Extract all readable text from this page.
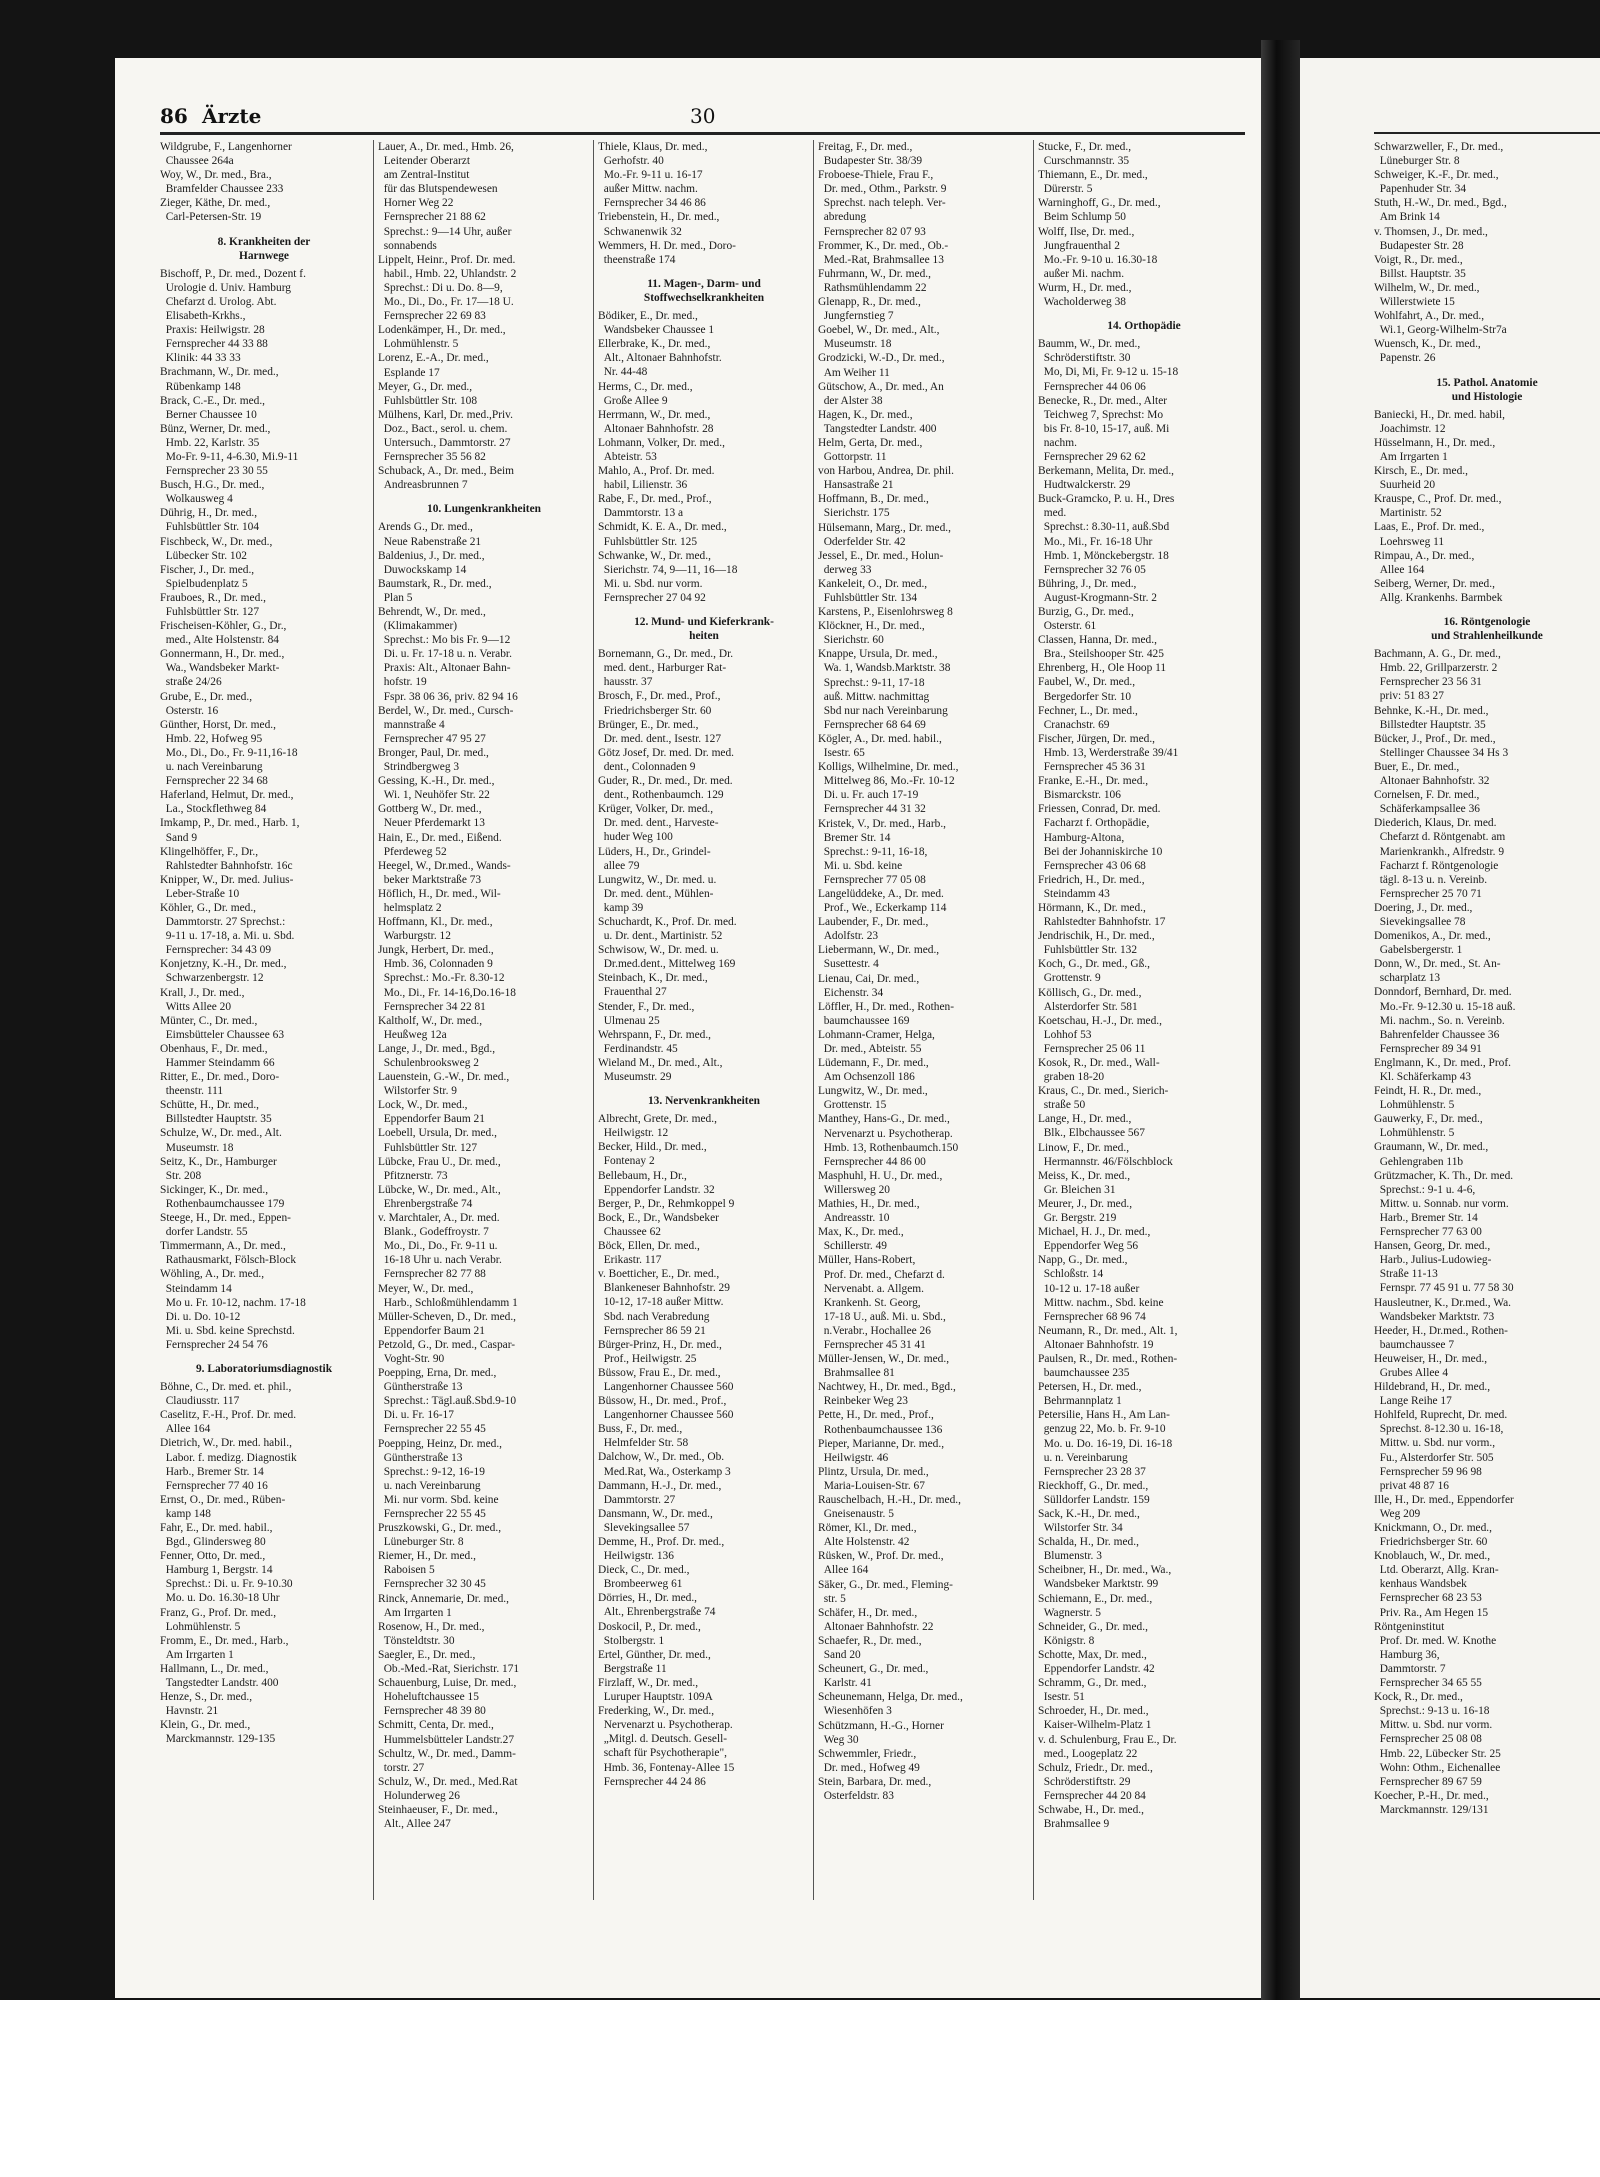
86 Ärzte	30

Wildgrube, F., Langenhorner
Chaussee 264a

Woy, W., Dr. med., Bra.,
Bramfelder Chaussee 233

Zieger, Käthe, Dr. med.,
Carl-Petersen-Str. 19

8. Krankheiten der
Harnwege

Bischoff, P., Dr. med., Dozent f.
Urologie d. Univ. Hamburg
Chefarzt d. Urolog. Abt.
Elisabeth-Krkhs.,
Praxis: Heilwigstr. 28
Fernsprecher 44 33 88
Klinik: 44 33 33

Brachmann, W., Dr. med.,
Rübenkamp 148

Brack, C.-E., Dr. med.,
Berner Chaussee 10

Bünz, Werner, Dr. med.,
Hmb. 22, Karlstr. 35
Mo-Fr. 9-11, 4-6.30, Mi.9-11
Fernsprecher 23 30 55

Busch, H.G., Dr. med.,
Wolkausweg 4

Dührig, H., Dr. med.,
Fuhlsbüttler Str. 104

Fischbeck, W., Dr. med.,
Lübecker Str. 102

Fischer, J., Dr. med.,
Spielbudenplatz 5

Frauboes, R., Dr. med.,
Fuhlsbüttler Str. 127

Frischeisen-Köhler, G., Dr.,
med., Alte Holstenstr. 84

Gonnermann, H., Dr. med.,
Wa., Wandsbeker Markt-
straße 24/26

Grube, E., Dr. med.,
Osterstr. 16

Günther, Horst, Dr. med.,
Hmb. 22, Hofweg 95
Mo., Di., Do., Fr. 9-11,16-18
u. nach Vereinbarung
Fernsprecher 22 34 68

Haferland, Helmut, Dr. med.,
La., Stockflethweg 84

Imkamp, P., Dr. med., Harb. 1,
Sand 9

Klingelhöffer, F., Dr.,
Rahlstedter Bahnhofstr. 16c

Knipper, W., Dr. med. Julius-
Leber-Straße 10

Köhler, G., Dr. med.,
Dammtorstr. 27 Sprechst.:
9-11 u. 17-18, a. Mi. u. Sbd.
Fernsprecher: 34 43 09

Konjetzny, K.-H., Dr. med.,
Schwarzenbergstr. 12

Krall, J., Dr. med.,
Witts Allee 20

Münter, C., Dr. med.,
Eimsbütteler Chaussee 63

Obenhaus, F., Dr. med.,
Hammer Steindamm 66

Ritter, E., Dr. med., Doro-
theenstr. 111

Schütte, H., Dr. med.,
Billstedter Hauptstr. 35

Schulze, W., Dr. med., Alt.
Museumstr. 18

Seitz, K., Dr., Hamburger
Str. 208

Sickinger, K., Dr. med.,
Rothenbaumchaussee 179

Steege, H., Dr. med., Eppen-
dorfer Landstr. 55

Timmermann, A., Dr. med.,
Rathausmarkt, Fölsch-Block

Wöhling, A., Dr. med.,
Steindamm 14
Mo u. Fr. 10-12, nachm. 17-18
Di. u. Do. 10-12
Mi. u. Sbd. keine Sprechstd.
Fernsprecher 24 54 76

9. Laboratoriumsdiagnostik

Böhne, C., Dr. med. et. phil.,
Claudiusstr. 117

Caselitz, F.-H., Prof. Dr. med.
Allee 164

Dietrich, W., Dr. med. habil.,
Labor. f. medizg. Diagnostik
Harb., Bremer Str. 14
Fernsprecher 77 40 16

Ernst, O., Dr. med., Rüben-
kamp 148

Fahr, E., Dr. med. habil.,
Bgd., Glindersweg 80

Fenner, Otto, Dr. med.,
Hamburg 1, Bergstr. 14
Sprechst.: Di. u. Fr. 9-10.30
Mo. u. Do. 16.30-18 Uhr

Franz, G., Prof. Dr. med.,
Lohmühlenstr. 5

Fromm, E., Dr. med., Harb.,
Am Irrgarten 1

Hallmann, L., Dr. med.,
Tangstedter Landstr. 400

Henze, S., Dr. med.,
Havnstr. 21

Klein, G., Dr. med.,
Marckmannstr. 129-135

Lauer, A., Dr. med., Hmb. 26,
Leitender Oberarzt
am Zentral-Institut
für das Blutspendewesen
Horner Weg 22
Fernsprecher 21 88 62
Sprechst.: 9—14 Uhr, außer
sonnabends

Lippelt, Heinr., Prof. Dr. med.
habil., Hmb. 22, Uhlandstr. 2
Sprechst.: Di u. Do. 8—9,
Mo., Di., Do., Fr. 17—18 U.
Fernsprecher 22 69 83

Lodenkämper, H., Dr. med.,
Lohmühlenstr. 5

Lorenz, E.-A., Dr. med.,
Esplande 17

Meyer, G., Dr. med.,
Fuhlsbüttler Str. 108

Mülhens, Karl, Dr. med.,Priv.
Doz., Bact., serol. u. chem.
Untersuch., Dammtorstr. 27
Fernsprecher 35 56 82

Schuback, A., Dr. med., Beim
Andreasbrunnen 7

10. Lungenkrankheiten

Arends G., Dr. med.,
Neue Rabenstraße 21

Baldenius, J., Dr. med.,
Duwockskamp 14

Baumstark, R., Dr. med.,
Plan 5

Behrendt, W., Dr. med.,
(Klimakammer)
Sprechst.: Mo bis Fr. 9—12
Di. u. Fr. 17-18 u. n. Verabr.
Praxis: Alt., Altonaer Bahn-
hofstr. 19
Fspr. 38 06 36, priv. 82 94 16

Berdel, W., Dr. med., Cursch-
mannstraße 4
Fernsprecher 47 95 27

Bronger, Paul, Dr. med.,
Strindbergweg 3

Gessing, K.-H., Dr. med.,
Wi. 1, Neuhöfer Str. 22

Gottberg W., Dr. med.,
Neuer Pferdemarkt 13

Hain, E., Dr. med., Eißend.
Pferdeweg 52

Heegel, W., Dr.med., Wands-
beker Marktstraße 73

Höflich, H., Dr. med., Wil-
helmsplatz 2

Hoffmann, Kl., Dr. med.,
Warburgstr. 12

Jungk, Herbert, Dr. med.,
Hmb. 36, Colonnaden 9
Sprechst.: Mo.-Fr. 8.30-12
Mo., Di., Fr. 14-16,Do.16-18
Fernsprecher 34 22 81

Kaltholf, W., Dr. med.,
Heußweg 12a

Lange, J., Dr. med., Bgd.,
Schulenbrooksweg 2

Lauenstein, G.-W., Dr. med.,
Wilstorfer Str. 9

Lock, W., Dr. med.,
Eppendorfer Baum 21

Loebell, Ursula, Dr. med.,
Fuhlsbüttler Str. 127

Lübcke, Frau U., Dr. med.,
Pfitznerstr. 73

Lübcke, W., Dr. med., Alt.,
Ehrenbergstraße 74

v. Marchtaler, A., Dr. med.
Blank., Godeffroystr. 7
Mo., Di., Do., Fr. 9-11 u.
16-18 Uhr u. nach Verabr.
Fernsprecher 82 77 88

Meyer, W., Dr. med.,
Harb., Schloßmühlendamm 1

Müller-Scheven, D., Dr. med.,
Eppendorfer Baum 21

Petzold, G., Dr. med., Caspar-
Voght-Str. 90

Poepping, Erna, Dr. med.,
Güntherstraße 13
Sprechst.: Tägl.auß.Sbd.9-10
Di. u. Fr. 16-17
Fernsprecher 22 55 45

Poepping, Heinz, Dr. med.,
Güntherstraße 13
Sprechst.: 9-12, 16-19
u. nach Vereinbarung
Mi. nur vorm. Sbd. keine
Fernsprecher 22 55 45

Pruszkowski, G., Dr. med.,
Lüneburger Str. 8

Riemer, H., Dr. med.,
Raboisen 5
Fernsprecher 32 30 45

Rinck, Annemarie, Dr. med.,
Am Irrgarten 1

Rosenow, H., Dr. med.,
Tönsteldtstr. 30

Saegler, E., Dr. med.,
Ob.-Med.-Rat, Sierichstr. 171

Schauenburg, Luise, Dr. med.,
Hoheluftchaussee 15
Fernsprecher 48 39 80

Schmitt, Centa, Dr. med.,
Hummelsbütteler Landstr.27

Schultz, W., Dr. med., Damm-
torstr. 27

Schulz, W., Dr. med., Med.Rat
Holunderweg 26

Steinhaeuser, F., Dr. med.,
Alt., Allee 247

Thiele, Klaus, Dr. med.,
Gerhofstr. 40
Mo.-Fr. 9-11 u. 16-17
außer Mittw. nachm.
Fernsprecher 34 46 86

Triebenstein, H., Dr. med.,
Schwanenwik 32

Wemmers, H. Dr. med., Doro-
theenstraße 174

11. Magen-, Darm- und
Stoffwechselkrankheiten

Bödiker, E., Dr. med.,
Wandsbeker Chaussee 1

Ellerbrake, K., Dr. med.,
Alt., Altonaer Bahnhofstr.
Nr. 44-48

Herms, C., Dr. med.,
Große Allee 9

Herrmann, W., Dr. med.,
Altonaer Bahnhofstr. 28

Lohmann, Volker, Dr. med.,
Abteistr. 53

Mahlo, A., Prof. Dr. med.
habil, Lilienstr. 36

Rabe, F., Dr. med., Prof.,
Dammtorstr. 13 a

Schmidt, K. E. A., Dr. med.,
Fuhlsbüttler Str. 125

Schwanke, W., Dr. med.,
Sierichstr. 74, 9—11, 16—18
Mi. u. Sbd. nur vorm.
Fernsprecher 27 04 92

12. Mund- und Kieferkrank-
heiten

Bornemann, G., Dr. med., Dr.
med. dent., Harburger Rat-
hausstr. 37

Brosch, F., Dr. med., Prof.,
Friedrichsberger Str. 60

Brünger, E., Dr. med.,
Dr. med. dent., Isestr. 127

Götz Josef, Dr. med. Dr. med.
dent., Colonnaden 9

Guder, R., Dr. med., Dr. med.
dent., Rothenbaumch. 129

Krüger, Volker, Dr. med.,
Dr. med. dent., Harveste-
huder Weg 100

Lüders, H., Dr., Grindel-
allee 79

Lungwitz, W., Dr. med. u.
Dr. med. dent., Mühlen-
kamp 39

Schuchardt, K., Prof. Dr. med.
u. Dr. dent., Martinistr. 52

Schwisow, W., Dr. med. u.
Dr.med.dent., Mittelweg 169

Steinbach, K., Dr. med.,
Frauenthal 27

Stender, F., Dr. med.,
Ulmenau 25

Wehrspann, F., Dr. med.,
Ferdinandstr. 45

Wieland M., Dr. med., Alt.,
Museumstr. 29

13. Nervenkrankheiten

Albrecht, Grete, Dr. med.,
Heilwigstr. 12

Becker, Hild., Dr. med.,
Fontenay 2

Bellebaum, H., Dr.,
Eppendorfer Landstr. 32

Berger, P., Dr., Rehmkoppel 9

Bock, E., Dr., Wandsbeker
Chaussee 62

Böck, Ellen, Dr. med.,
Erikastr. 117

v. Boetticher, E., Dr. med.,
Blankeneser Bahnhofstr. 29
10-12, 17-18 außer Mittw.
Sbd. nach Verabredung
Fernsprecher 86 59 21

Bürger-Prinz, H., Dr. med.,
Prof., Heilwigstr. 25

Büssow, Frau E., Dr. med.,
Langenhorner Chaussee 560

Büssow, H., Dr. med., Prof.,
Langenhorner Chaussee 560

Buss, F., Dr. med.,
Helmfelder Str. 58

Dalchow, W., Dr. med., Ob.
Med.Rat, Wa., Osterkamp 3

Dammann, H.-J., Dr. med.,
Dammtorstr. 27

Dansmann, W., Dr. med.,
Slevekingsallee 57

Demme, H., Prof. Dr. med.,
Heilwigstr. 136

Dieck, C., Dr. med.,
Brombeerweg 61

Dörries, H., Dr. med.,
Alt., Ehrenbergstraße 74

Doskocil, P., Dr. med.,
Stolbergstr. 1

Ertel, Günther, Dr. med.,
Bergstraße 11

Firzlaff, W., Dr. med.,
Luruper Hauptstr. 109A

Frederking, W., Dr. med.,
Nervenarzt u. Psychotherap.
„Mitgl. d. Deutsch. Gesell-
schaft für Psychotherapie",
Hmb. 36, Fontenay-Allee 15
Fernsprecher 44 24 86

Freitag, F., Dr. med.,
Budapester Str. 38/39

Froboese-Thiele, Frau F.,
Dr. med., Othm., Parkstr. 9
Sprechst. nach teleph. Ver-
abredung
Fernsprecher 82 07 93

Frommer, K., Dr. med., Ob.-
Med.-Rat, Brahmsallee 13

Fuhrmann, W., Dr. med.,
Rathsmühlendamm 22

Glenapp, R., Dr. med.,
Jungfernstieg 7

Goebel, W., Dr. med., Alt.,
Museumstr. 18

Grodzicki, W.-D., Dr. med.,
Am Weiher 11

Gütschow, A., Dr. med., An
der Alster 38

Hagen, K., Dr. med.,
Tangstedter Landstr. 400

Helm, Gerta, Dr. med.,
Gottorpstr. 11

von Harbou, Andrea, Dr. phil.
Hansastraße 21

Hoffmann, B., Dr. med.,
Sierichstr. 175

Hülsemann, Marg., Dr. med.,
Oderfelder Str. 42

Jessel, E., Dr. med., Holun-
derweg 33

Kankeleit, O., Dr. med.,
Fuhlsbüttler Str. 134

Karstens, P., Eisenlohrsweg 8

Klöckner, H., Dr. med.,
Sierichstr. 60

Knappe, Ursula, Dr. med.,
Wa. 1, Wandsb.Marktstr. 38
Sprechst.: 9-11, 17-18
auß. Mittw. nachmittag
Sbd nur nach Vereinbarung
Fernsprecher 68 64 69

Kögler, A., Dr. med. habil.,
Isestr. 65

Kolligs, Wilhelmine, Dr. med.,
Mittelweg 86, Mo.-Fr. 10-12
Di. u. Fr. auch 17-19
Fernsprecher 44 31 32

Kristek, V., Dr. med., Harb.,
Bremer Str. 14
Sprechst.: 9-11, 16-18,
Mi. u. Sbd. keine
Fernsprecher 77 05 08

Langelüddeke, A., Dr. med.
Prof., We., Eckerkamp 114

Laubender, F., Dr. med.,
Adolfstr. 23

Liebermann, W., Dr. med.,
Susettestr. 4

Lienau, Cai, Dr. med.,
Eichenstr. 34

Löffler, H., Dr. med., Rothen-
baumchaussee 169

Lohmann-Cramer, Helga,
Dr. med., Abteistr. 55

Lüdemann, F., Dr. med.,
Am Ochsenzoll 186

Lungwitz, W., Dr. med.,
Grottenstr. 15

Manthey, Hans-G., Dr. med.,
Nervenarzt u. Psychotherap.
Hmb. 13, Rothenbaumch.150
Fernsprecher 44 86 00

Masphuhl, H. U., Dr. med.,
Willersweg 20

Mathies, H., Dr. med.,
Andreasstr. 10

Max, K., Dr. med.,
Schillerstr. 49

Müller, Hans-Robert,
Prof. Dr. med., Chefarzt d.
Nervenabt. a. Allgem.
Krankenh. St. Georg,
17-18 U., auß. Mi. u. Sbd.,
n.Verabr., Hochallee 26
Fernsprecher 45 31 41

Müller-Jensen, W., Dr. med.,
Brahmsallee 81

Nachtwey, H., Dr. med., Bgd.,
Reinbeker Weg 23

Pette, H., Dr. med., Prof.,
Rothenbaumchaussee 136

Pieper, Marianne, Dr. med.,
Heilwigstr. 46

Plintz, Ursula, Dr. med.,
Maria-Louisen-Str. 67

Rauschelbach, H.-H., Dr. med.,
Gneisenaustr. 5

Römer, Kl., Dr. med.,
Alte Holstenstr. 42

Rüsken, W., Prof. Dr. med.,
Allee 164

Säker, G., Dr. med., Fleming-
str. 5

Schäfer, H., Dr. med.,
Altonaer Bahnhofstr. 22

Schaefer, R., Dr. med.,
Sand 20

Scheunert, G., Dr. med.,
Karlstr. 41

Scheunemann, Helga, Dr. med.,
Wiesenhöfen 3

Schützmann, H.-G., Horner
Weg 30

Schwemmler, Friedr.,
Dr. med., Hofweg 49

Stein, Barbara, Dr. med.,
Osterfeldstr. 83

Stucke, F., Dr. med.,
Curschmannstr. 35

Thiemann, E., Dr. med.,
Dürerstr. 5

Warninghoff, G., Dr. med.,
Beim Schlump 50

Wolff, Ilse, Dr. med.,
Jungfrauenthal 2
Mo.-Fr. 9-10 u. 16.30-18
außer Mi. nachm.

Wurm, H., Dr. med.,
Wacholderweg 38

14. Orthopädie

Baumm, W., Dr. med.,
Schröderstiftstr. 30
Mo, Di, Mi, Fr. 9-12 u. 15-18
Fernsprecher 44 06 06

Benecke, R., Dr. med., Alter
Teichweg 7, Sprechst: Mo
bis Fr. 8-10, 15-17, auß. Mi
nachm.
Fernsprecher 29 62 62

Berkemann, Melita, Dr. med.,
Hudtwalckerstr. 29

Buck-Gramcko, P. u. H., Dres
med.
Sprechst.: 8.30-11, auß.Sbd
Mo., Mi., Fr. 16-18 Uhr
Hmb. 1, Mönckebergstr. 18
Fernsprecher 32 76 05

Bühring, J., Dr. med.,
August-Krogmann-Str. 2

Burzig, G., Dr. med.,
Osterstr. 61

Classen, Hanna, Dr. med.,
Bra., Steilshooper Str. 425

Ehrenberg, H., Ole Hoop 11

Faubel, W., Dr. med.,
Bergedorfer Str. 10

Fechner, L., Dr. med.,
Cranachstr. 69

Fischer, Jürgen, Dr. med.,
Hmb. 13, Werderstraße 39/41
Fernsprecher 45 36 31

Franke, E.-H., Dr. med.,
Bismarckstr. 106

Friessen, Conrad, Dr. med.
Facharzt f. Orthopädie,
Hamburg-Altona,
Bei der Johanniskirche 10
Fernsprecher 43 06 68

Friedrich, H., Dr. med.,
Steindamm 43

Hörmann, K., Dr. med.,
Rahlstedter Bahnhofstr. 17

Jendrischik, H., Dr. med.,
Fuhlsbüttler Str. 132

Koch, G., Dr. med., Gß.,
Grottenstr. 9

Köllisch, G., Dr. med.,
Alsterdorfer Str. 581

Koetschau, H.-J., Dr. med.,
Lohhof 53
Fernsprecher 25 06 11

Kosok, R., Dr. med., Wall-
graben 18-20

Kraus, C., Dr. med., Sierich-
straße 50

Lange, H., Dr. med.,
Blk., Elbchaussee 567

Linow, F., Dr. med.,
Hermannstr. 46/Fölschblock

Meiss, K., Dr. med.,
Gr. Bleichen 31

Meurer, J., Dr. med.,
Gr. Bergstr. 219

Michael, H. J., Dr. med.,
Eppendorfer Weg 56

Napp, G., Dr. med.,
Schloßstr. 14
10-12 u. 17-18 außer
Mittw. nachm., Sbd. keine
Fernsprecher 68 96 74

Neumann, R., Dr. med., Alt. 1,
Altonaer Bahnhofstr. 19

Paulsen, R., Dr. med., Rothen-
baumchaussee 235

Petersen, H., Dr. med.,
Behrmannplatz 1

Petersilie, Hans H., Am Lan-
genzug 22, Mo. b. Fr. 9-10
Mo. u. Do. 16-19, Di. 16-18
u. n. Vereinbarung
Fernsprecher 23 28 37

Rieckhoff, G., Dr. med.,
Sülldorfer Landstr. 159

Sack, K.-H., Dr. med.,
Wilstorfer Str. 34

Schalda, H., Dr. med.,
Blumenstr. 3

Scheibner, H., Dr. med., Wa.,
Wandsbeker Marktstr. 99

Schiemann, E., Dr. med.,
Wagnerstr. 5

Schneider, G., Dr. med.,
Königstr. 8

Schotte, Max, Dr. med.,
Eppendorfer Landstr. 42

Schramm, G., Dr. med.,
Isestr. 51

Schroeder, H., Dr. med.,
Kaiser-Wilhelm-Platz 1

v. d. Schulenburg, Frau E., Dr.
med., Loogeplatz 22

Schulz, Friedr., Dr. med.,
Schröderstiftstr. 29
Fernsprecher 44 20 84

Schwabe, H., Dr. med.,
Brahmsallee 9

Schwarzweller, F., Dr. med.,
Lüneburger Str. 8

Schweiger, K.-F., Dr. med.,
Papenhuder Str. 34

Stuth, H.-W., Dr. med., Bgd.,
Am Brink 14

v. Thomsen, J., Dr. med.,
Budapester Str. 28

Voigt, R., Dr. med.,
Billst. Hauptstr. 35

Wilhelm, W., Dr. med.,
Willerstwiete 15

Wohlfahrt, A., Dr. med.,
Wi.1, Georg-Wilhelm-Str7a

Wuensch, K., Dr. med.,
Papenstr. 26

15. Pathol. Anatomie
und Histologie

Baniecki, H., Dr. med. habil,
Joachimstr. 12

Hüsselmann, H., Dr. med.,
Am Irrgarten 1

Kirsch, E., Dr. med.,
Suurheid 20

Krauspe, C., Prof. Dr. med.,
Martinistr. 52

Laas, E., Prof. Dr. med.,
Loehrsweg 11

Rimpau, A., Dr. med.,
Allee 164

Seiberg, Werner, Dr. med.,
Allg. Krankenhs. Barmbek

16. Röntgenologie
und Strahlenheilkunde

Bachmann, A. G., Dr. med.,
Hmb. 22, Grillparzerstr. 2
Fernsprecher 23 56 31
priv: 51 83 27

Behnke, K.-H., Dr. med.,
Billstedter Hauptstr. 35

Bücker, J., Prof., Dr. med.,
Stellinger Chaussee 34 Hs 3

Buer, E., Dr. med.,
Altonaer Bahnhofstr. 32

Cornelsen, F. Dr. med.,
Schäferkampsallee 36

Diederich, Klaus, Dr. med.
Chefarzt d. Röntgenabt. am
Marienkrankh., Alfredstr. 9
Facharzt f. Röntgenologie
tägl. 8-13 u. n. Vereinb.
Fernsprecher 25 70 71

Doering, J., Dr. med.,
Sievekingsallee 78

Domenikos, A., Dr. med.,
Gabelsbergerstr. 1

Donn, W., Dr. med., St. An-
scharplatz 13

Donndorf, Bernhard, Dr. med.
Mo.-Fr. 9-12.30 u. 15-18 auß.
Mi. nachm., So. n. Vereinb.
Bahrenfelder Chaussee 36
Fernsprecher 89 34 91

Englmann, K., Dr. med., Prof.
Kl. Schäferkamp 43

Feindt, H. R., Dr. med.,
Lohmühlenstr. 5

Gauwerky, F., Dr. med.,
Lohmühlenstr. 5

Graumann, W., Dr. med.,
Gehlengraben 11b

Grützmacher, K. Th., Dr. med.
Sprechst.: 9-1 u. 4-6,
Mittw. u. Sonnab. nur vorm.
Harb., Bremer Str. 14
Fernsprecher 77 63 00

Hansen, Georg, Dr. med.,
Harb., Julius-Ludowieg-
Straße 11-13
Fernspr. 77 45 91 u. 77 58 30

Hausleutner, K., Dr.med., Wa.
Wandsbeker Marktstr. 73

Heeder, H., Dr.med., Rothen-
baumchaussee 7

Heuweiser, H., Dr. med.,
Grubes Allee 4

Hildebrand, H., Dr. med.,
Lange Reihe 17

Hohlfeld, Ruprecht, Dr. med.
Sprechst. 8-12.30 u. 16-18,
Mittw. u. Sbd. nur vorm.,
Fu., Alsterdorfer Str. 505
Fernsprecher 59 96 98
privat 48 87 16

Ille, H., Dr. med., Eppendorfer
Weg 209

Knickmann, O., Dr. med.,
Friedrichsberger Str. 60

Knoblauch, W., Dr. med.,
Ltd. Oberarzt, Allg. Kran-
kenhaus Wandsbek
Fernsprecher 68 23 53
Priv. Ra., Am Hegen 15

Röntgeninstitut
Prof. Dr. med. W. Knothe
Hamburg 36,
Dammtorstr. 7
Fernsprecher 34 65 55

Kock, R., Dr. med.,
Sprechst.: 9-13 u. 16-18
Mittw. u. Sbd. nur vorm.
Fernsprecher 25 08 08
Hmb. 22, Lübecker Str. 25
Wohn: Othm., Eichenallee
Fernsprecher 89 67 59

Koecher, P.-H., Dr. med.,
Marckmannstr. 129/131
